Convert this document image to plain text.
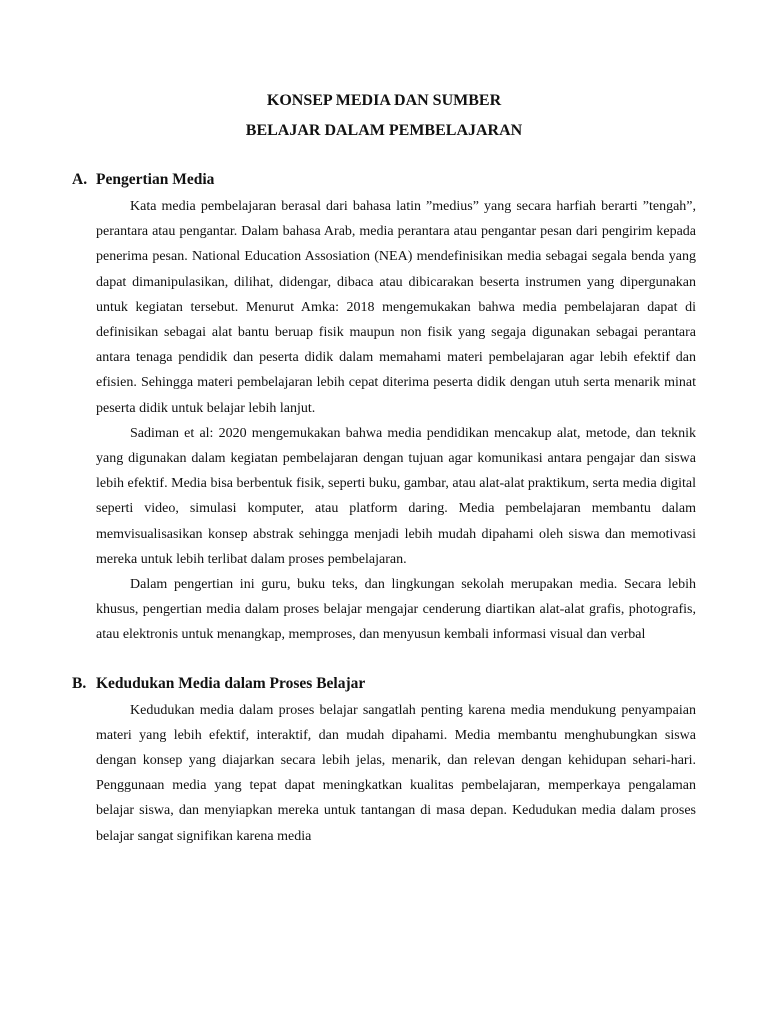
KONSEP MEDIA DAN SUMBER
BELAJAR DALAM PEMBELAJARAN
A. Pengertian Media

Kata media pembelajaran berasal dari bahasa latin ”medius” yang secara harfiah berarti ”tengah”, perantara atau pengantar. Dalam bahasa Arab, media perantara atau pengantar pesan dari pengirim kepada penerima pesan. National Education Assosiation (NEA) mendefinisikan media sebagai segala benda yang dapat dimanipulasikan, dilihat, didengar, dibaca atau dibicarakan beserta instrumen yang dipergunakan untuk kegiatan tersebut. Menurut Amka: 2018 mengemukakan bahwa media pembelajaran dapat di definisikan sebagai alat bantu beruap fisik maupun non fisik yang segaja digunakan sebagai perantara antara tenaga pendidik dan peserta didik dalam memahami materi pembelajaran agar lebih efektif dan efisien. Sehingga materi pembelajaran lebih cepat diterima peserta didik dengan utuh serta menarik minat peserta didik untuk belajar lebih lanjut.

Sadiman et al: 2020 mengemukakan bahwa media pendidikan mencakup alat, metode, dan teknik yang digunakan dalam kegiatan pembelajaran dengan tujuan agar komunikasi antara pengajar dan siswa lebih efektif. Media bisa berbentuk fisik, seperti buku, gambar, atau alat-alat praktikum, serta media digital seperti video, simulasi komputer, atau platform daring. Media pembelajaran membantu dalam memvisualisasikan konsep abstrak sehingga menjadi lebih mudah dipahami oleh siswa dan memotivasi mereka untuk lebih terlibat dalam proses pembelajaran.

Dalam pengertian ini guru, buku teks, dan lingkungan sekolah merupakan media. Secara lebih khusus, pengertian media dalam proses belajar mengajar cenderung diartikan alat-alat grafis, photografis, atau elektronis untuk menangkap, memproses, dan menyusun kembali informasi visual dan verbal

B. Kedudukan Media dalam Proses Belajar

Kedudukan media dalam proses belajar sangatlah penting karena media mendukung penyampaian materi yang lebih efektif, interaktif, dan mudah dipahami. Media membantu menghubungkan siswa dengan konsep yang diajarkan secara lebih jelas, menarik, dan relevan dengan kehidupan sehari-hari. Penggunaan media yang tepat dapat meningkatkan kualitas pembelajaran, memperkaya pengalaman belajar siswa, dan menyiapkan mereka untuk tantangan di masa depan. Kedudukan media dalam proses belajar sangat signifikan karena media
